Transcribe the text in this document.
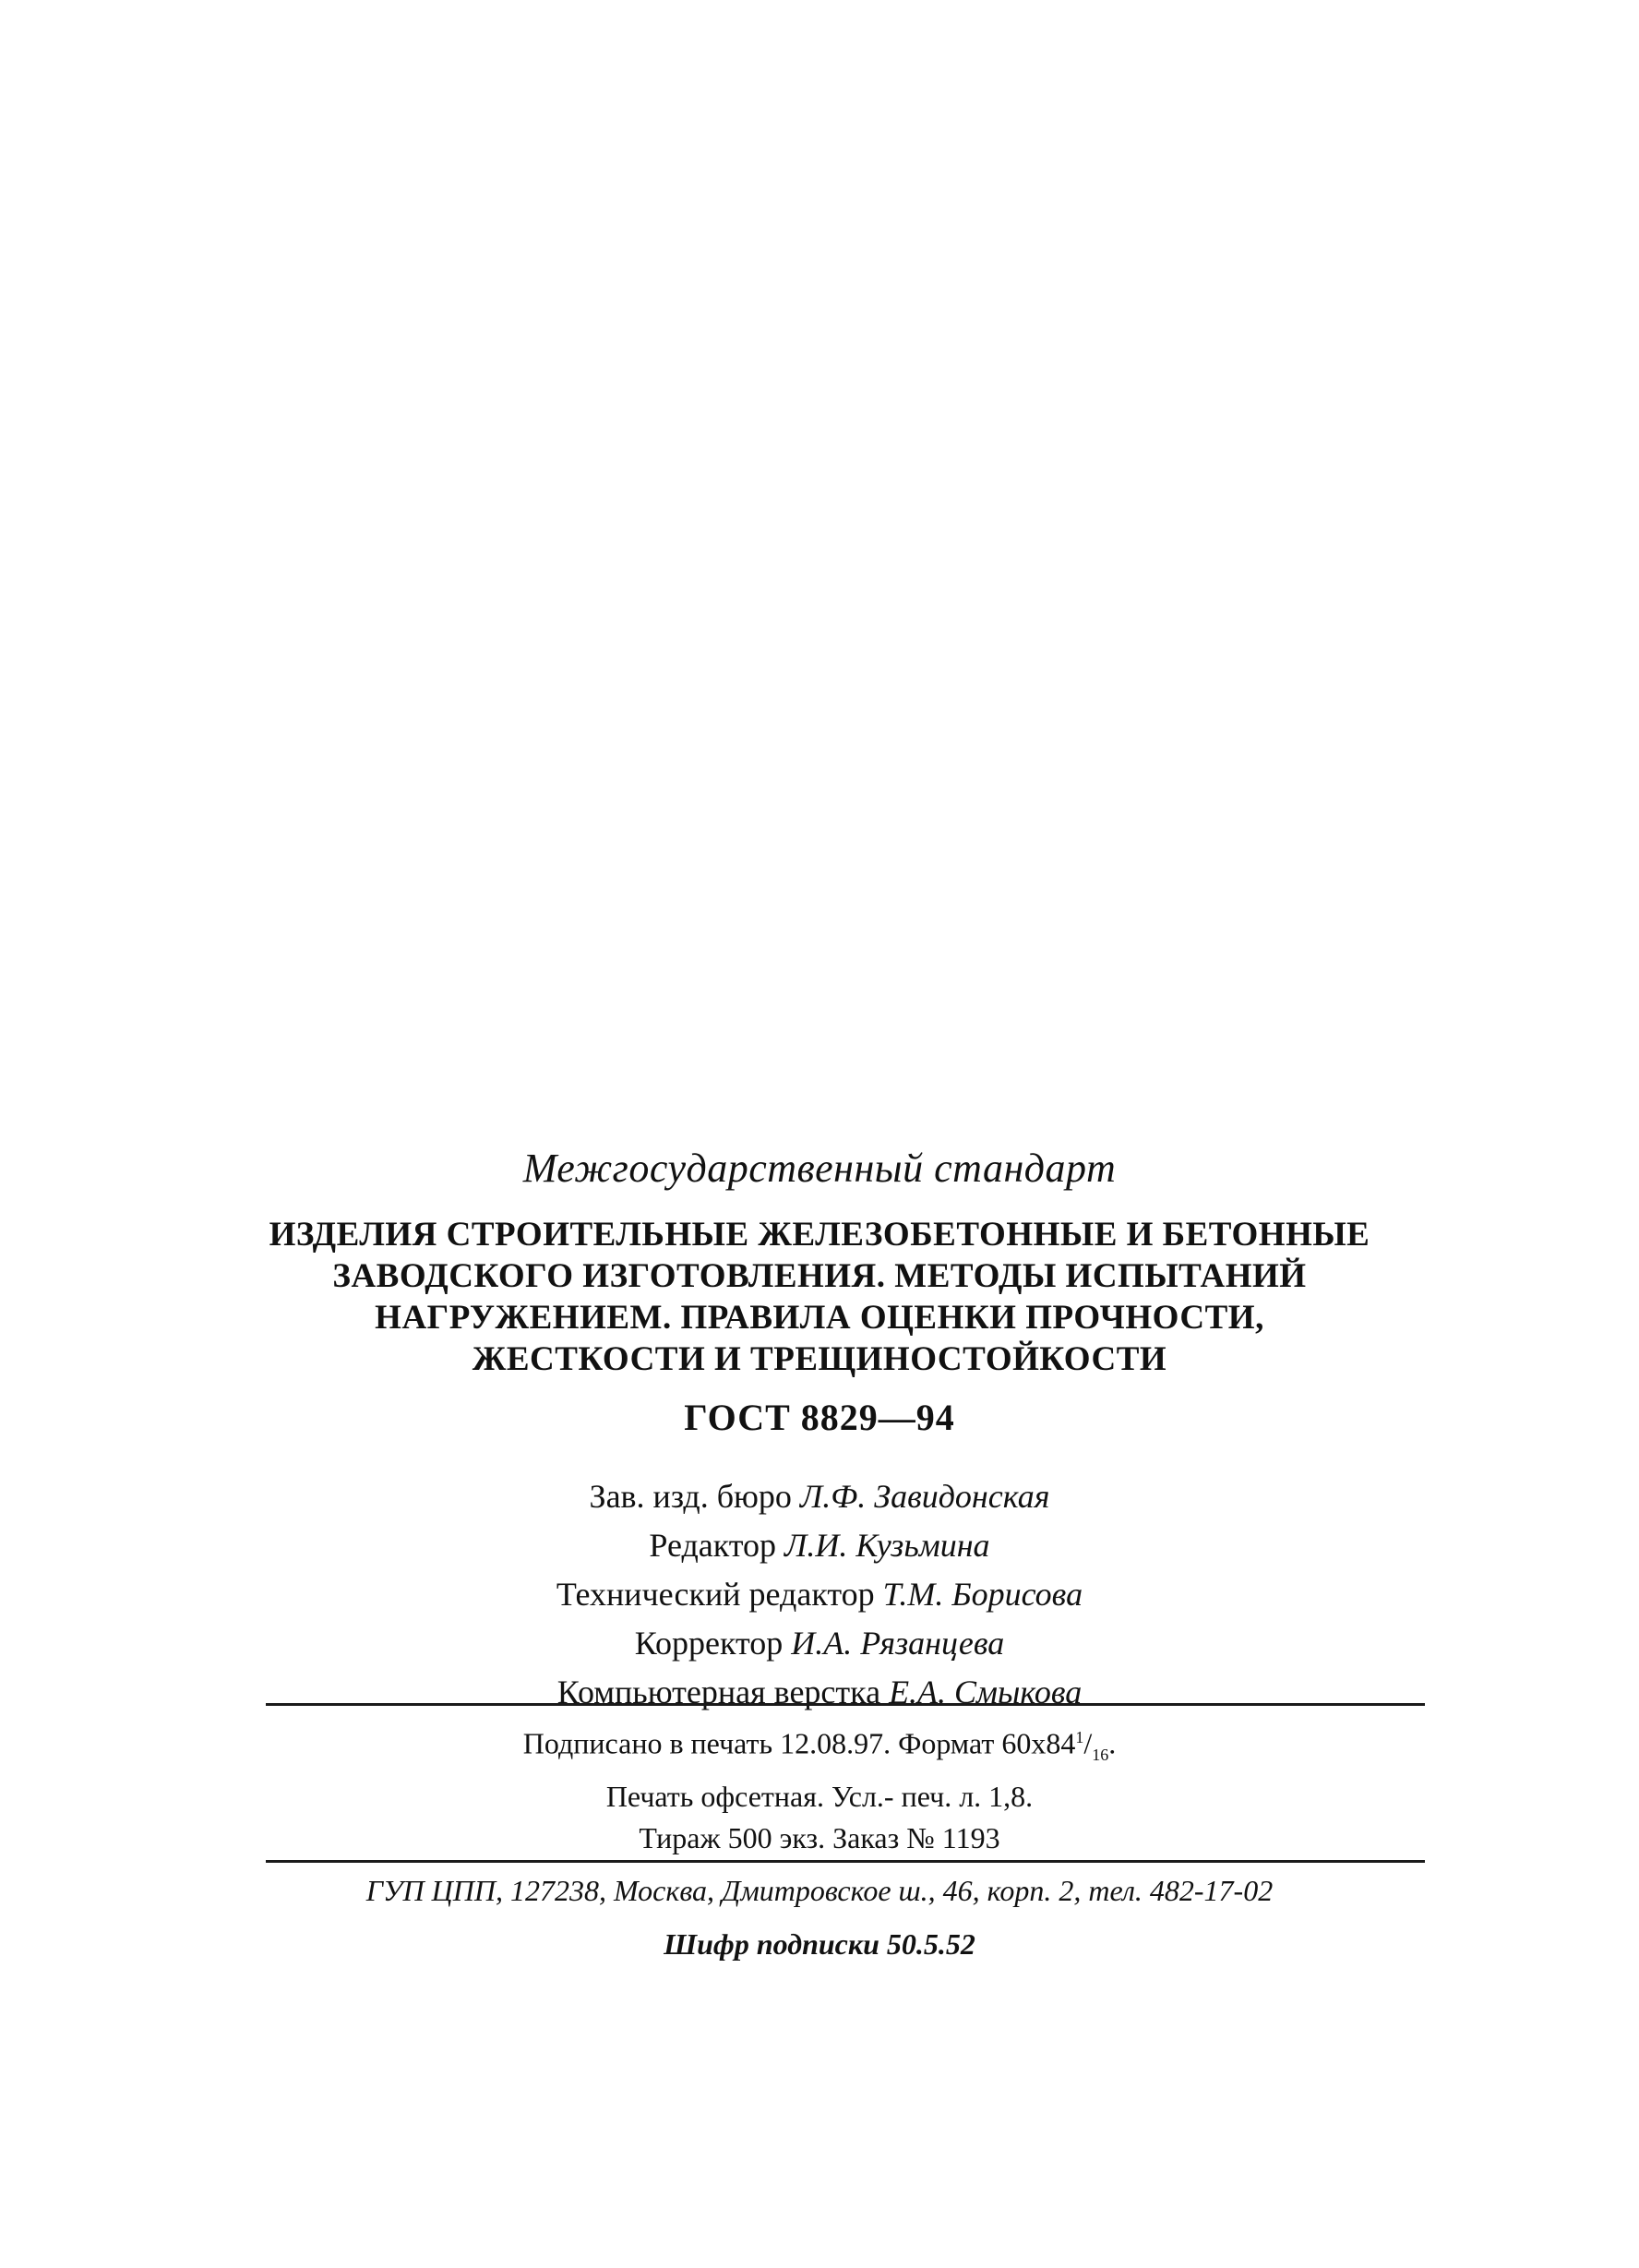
Межгосударственный стандарт
ИЗДЕЛИЯ СТРОИТЕЛЬНЫЕ ЖЕЛЕЗОБЕТОННЫЕ И БЕТОННЫЕ
ЗАВОДСКОГО ИЗГОТОВЛЕНИЯ. МЕТОДЫ ИСПЫТАНИЙ
НАГРУЖЕНИЕМ. ПРАВИЛА ОЦЕНКИ ПРОЧНОСТИ,
ЖЕСТКОСТИ И ТРЕЩИНОСТОЙКОСТИ
ГОСТ 8829—94
Зав. изд. бюро Л.Ф. Завидонская
Редактор Л.И. Кузьмина
Технический редактор Т.М. Борисова
Корректор И.А. Рязанцева
Компьютерная верстка Е.А. Смыкова
Подписано в печать 12.08.97. Формат $60х84^1/_{16}$.
Печать офсетная. Усл.- печ. л. 1,8.
Тираж 500 экз. Заказ № 1193
ГУП ЦПП, 127238, Москва, Дмитровское ш., 46, корп. 2, тел. 482-17-02
Шифр подписки 50.5.52
